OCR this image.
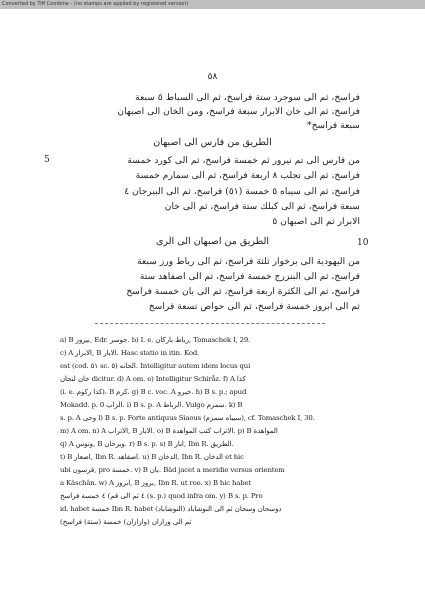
Converted by Tiff Combine - (no stamps are applied by registered version)
٥٨
فراسخ، ثم الى سوجرد ستة فراسخ، ثم الى السباط ٥ سبعة
فراسخ، ثم الى خان الابرار سبعة فراسخ، ومن الخان الى اصبهان
سبعة فراسخ*
الطريق من فارس الى اصبهان
5	من فارس الى تم نيرور ثم خمسة فراسخ، ثم الى كورد خمسة
فراسخ، ثم الى تجلب ٨ اربعة فراسخ، ثم الى سمارم خمسة
فراسخ، ثم الى سيباه ٥ خمسة (٥١) فراسخ، ثم الى البيرجان ٤
سبعة فراسخ، ثم الى كبلك ستة فراسخ، ثم الى خان
الابرار ثم الى اصبهان ٥
الطريق من اصبهان الى الرى	10
من اليهودية الى برخوار ثلثة فراسخ، ثم الى رباط ورز سبعة
فراسخ، ثم الى البنزرج خمسة فراسخ، ثم الى اصفاهد ستة
فراسخ، ثم الى الكثرة اربعة فراسخ، ثم الى بان خمسة فراسخ
ثم الى ابروز خمسة فراسخ، ثم الى حواص تسعة فراسخ
a) B نيرور, Edr. جوسر. b) I. e. رباط بارکان, Tomaschek I, 29.
c) A الابرار, B الابار. Hasc statio in itin. Kod.
est (cod. ٥١ sc. ٥) الحانه. Intelligitur autem idem locus qui
خان لنجان dicitur. d) A om. e) Intelligitur Schiråz. f) A كذا
(i. e. كذا ركوم)، B كرم. g) B c. voc. A خيرو. h) B s. p.; apud
Mokadd. p. 0 الزاب. i) B s. p. A الرباط. Vulgo سمرم. k) B
s. p. A وحى l) B s. p. Forte antiquus Siaous (سيباه سمرم), cf. Tomaschek I, 30.
m) A om. n) A الاتراب, B الابار. o) B الاتراب كتب المواهدة. p) B المواهدة
q) A ونوس, B ويرحان. r) B s. p. s) B ابار, Ibn R. الطريق.
t) B اصعار, Ibn R. اصفاهد. u) B الدخان, Ibn R. الدخان et hic
ubi قرسون, pro خمسة. v) B بان. Bâd jacet a meridie versus orientem
a Kâschân. w) A ابروز, B بروز, Ibn R. ut roe. x) B hic habet
٤ خمسة فراسخ (٤ ثم الى قم (s. p.) quod infra om. y) B s. p. Pro
id. habet خمسة Ibn R. habet دوسحان وسحان ثم الى النوشاباد (النوشاباد)
(ثم الى ورازان (وارازان) خمسة (ستة) فراسخ
